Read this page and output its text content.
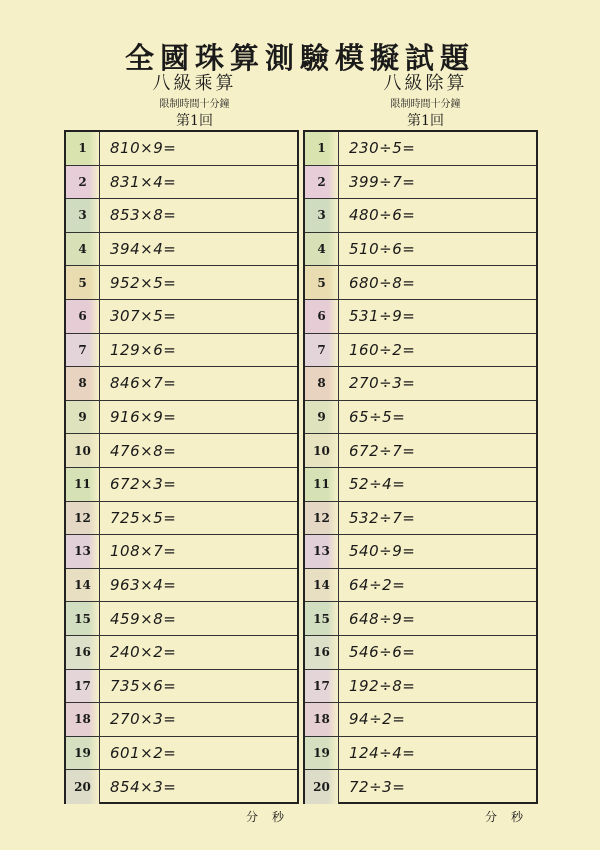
全國珠算測驗模擬試題
八級乘算
限制時間十分鐘
第1回
八級除算
限制時間十分鐘
第1回
1	810×9=
2	831×4=
3	853×8=
4	394×4=
5	952×5=
6	307×5=
7	129×6=
8	846×7=
9	916×9=
10	476×8=
11	672×3=
12	725×5=
13	108×7=
14	963×4=
15	459×8=
16	240×2=
17	735×6=
18	270×3=
19	601×2=
20	854×3=
1	230÷5=
2	399÷7=
3	480÷6=
4	510÷6=
5	680÷8=
6	531÷9=
7	160÷2=
8	270÷3=
9	65÷5=
10	672÷7=
11	52÷4=
12	532÷7=
13	540÷9=
14	64÷2=
15	648÷9=
16	546÷6=
17	192÷8=
18	94÷2=
19	124÷4=
20	72÷3=
分秒	分秒
